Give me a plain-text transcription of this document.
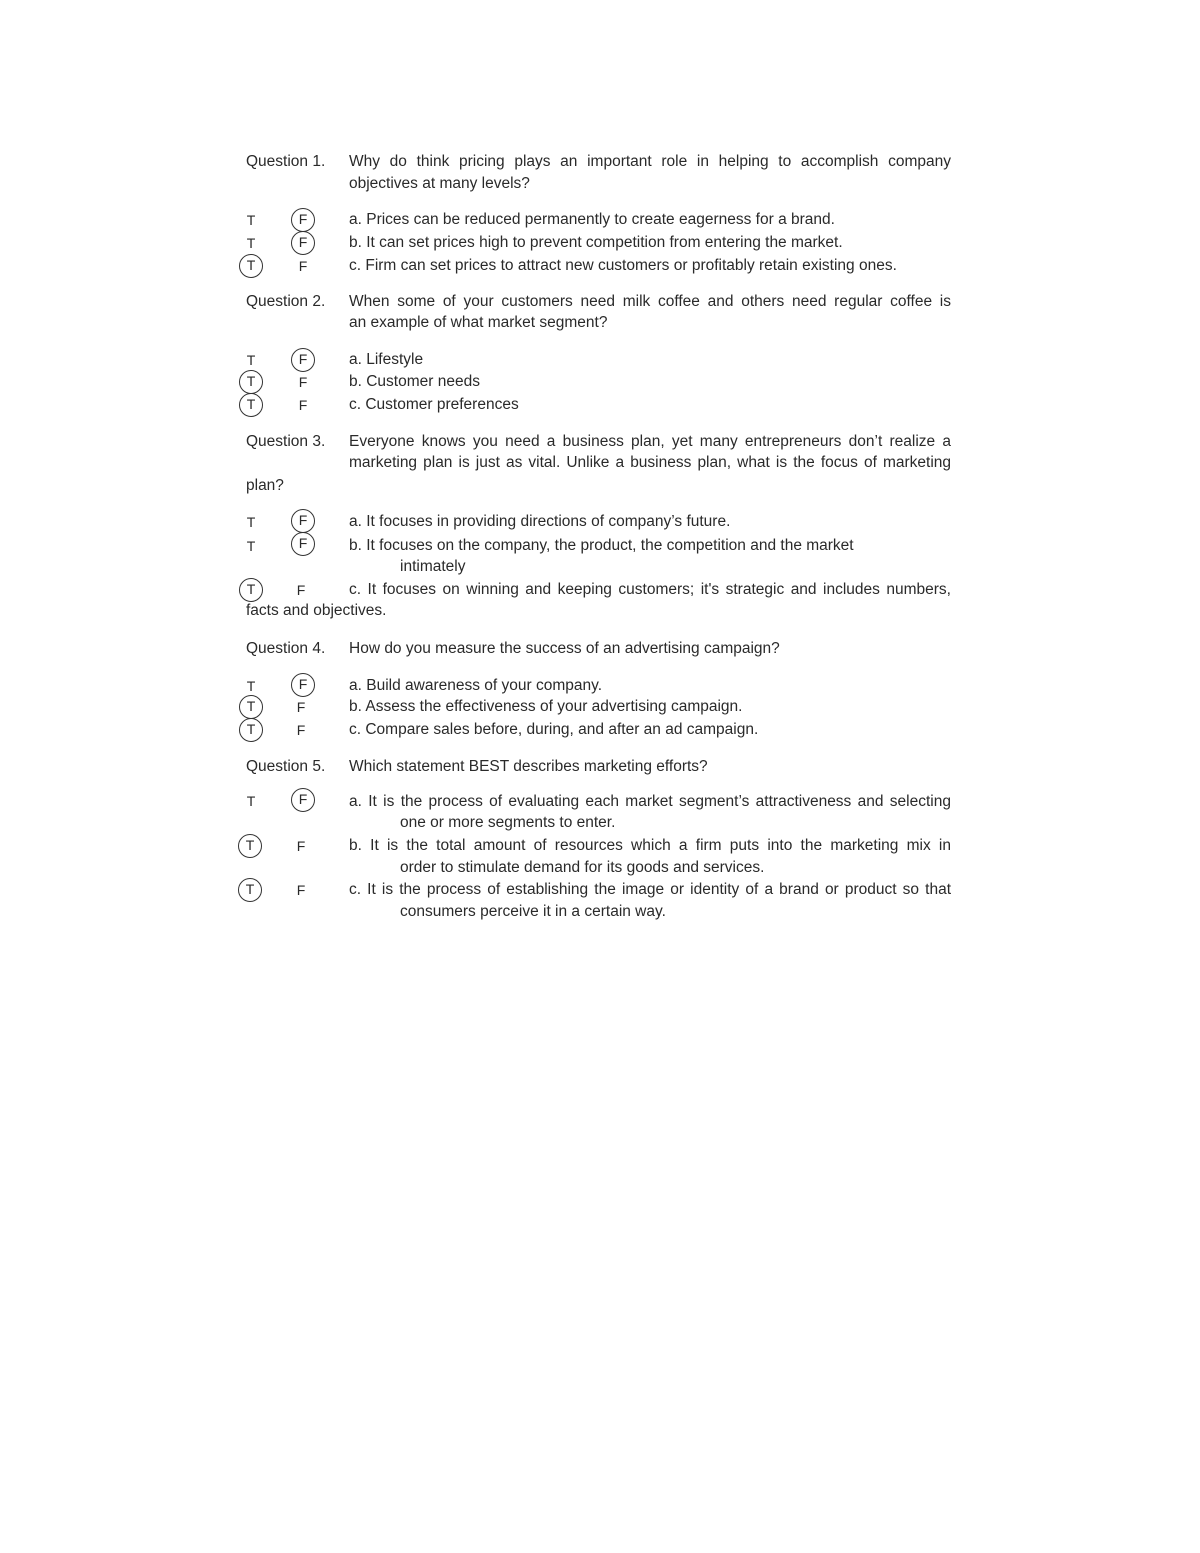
Question 1. Why do think pricing plays an important role in helping to accomplish company
objectives at many levels?
T	F	a. Prices can be reduced permanently to create eagerness for a brand.
T	F	b. It can set prices high to prevent competition from entering the market.
T	F	c. Firm can set prices to attract new customers or profitably retain existing ones.
Question 2. When some of your customers need milk coffee and others need regular coffee is
an example of what market segment?
T	F	a. Lifestyle
T	F	b. Customer needs
T	F	c. Customer preferences
Question 3. Everyone knows you need a business plan, yet many entrepreneurs don’t realize a
marketing plan is just as vital. Unlike a business plan, what is the focus of marketing
plan?
T	F	a. It focuses in providing directions of company’s future.
T	F	b. It focuses on the company, the product, the competition and the market
intimately
T	F	c. It focuses on winning and keeping customers; it's strategic and includes numbers,
facts and objectives.
Question 4. How do you measure the success of an advertising campaign?
T	F	a. Build awareness of your company.
T	F	b. Assess the effectiveness of your advertising campaign.
T	F	c. Compare sales before, during, and after an ad campaign.
Question 5. Which statement BEST describes marketing efforts?
T	F	a. It is the process of evaluating each market segment’s attractiveness and selecting
one or more segments to enter.
T	F	b. It is the total amount of resources which a firm puts into the marketing mix in
order to stimulate demand for its goods and services.
T	F	c. It is the process of establishing the image or identity of a brand or product so that
consumers perceive it in a certain way.
